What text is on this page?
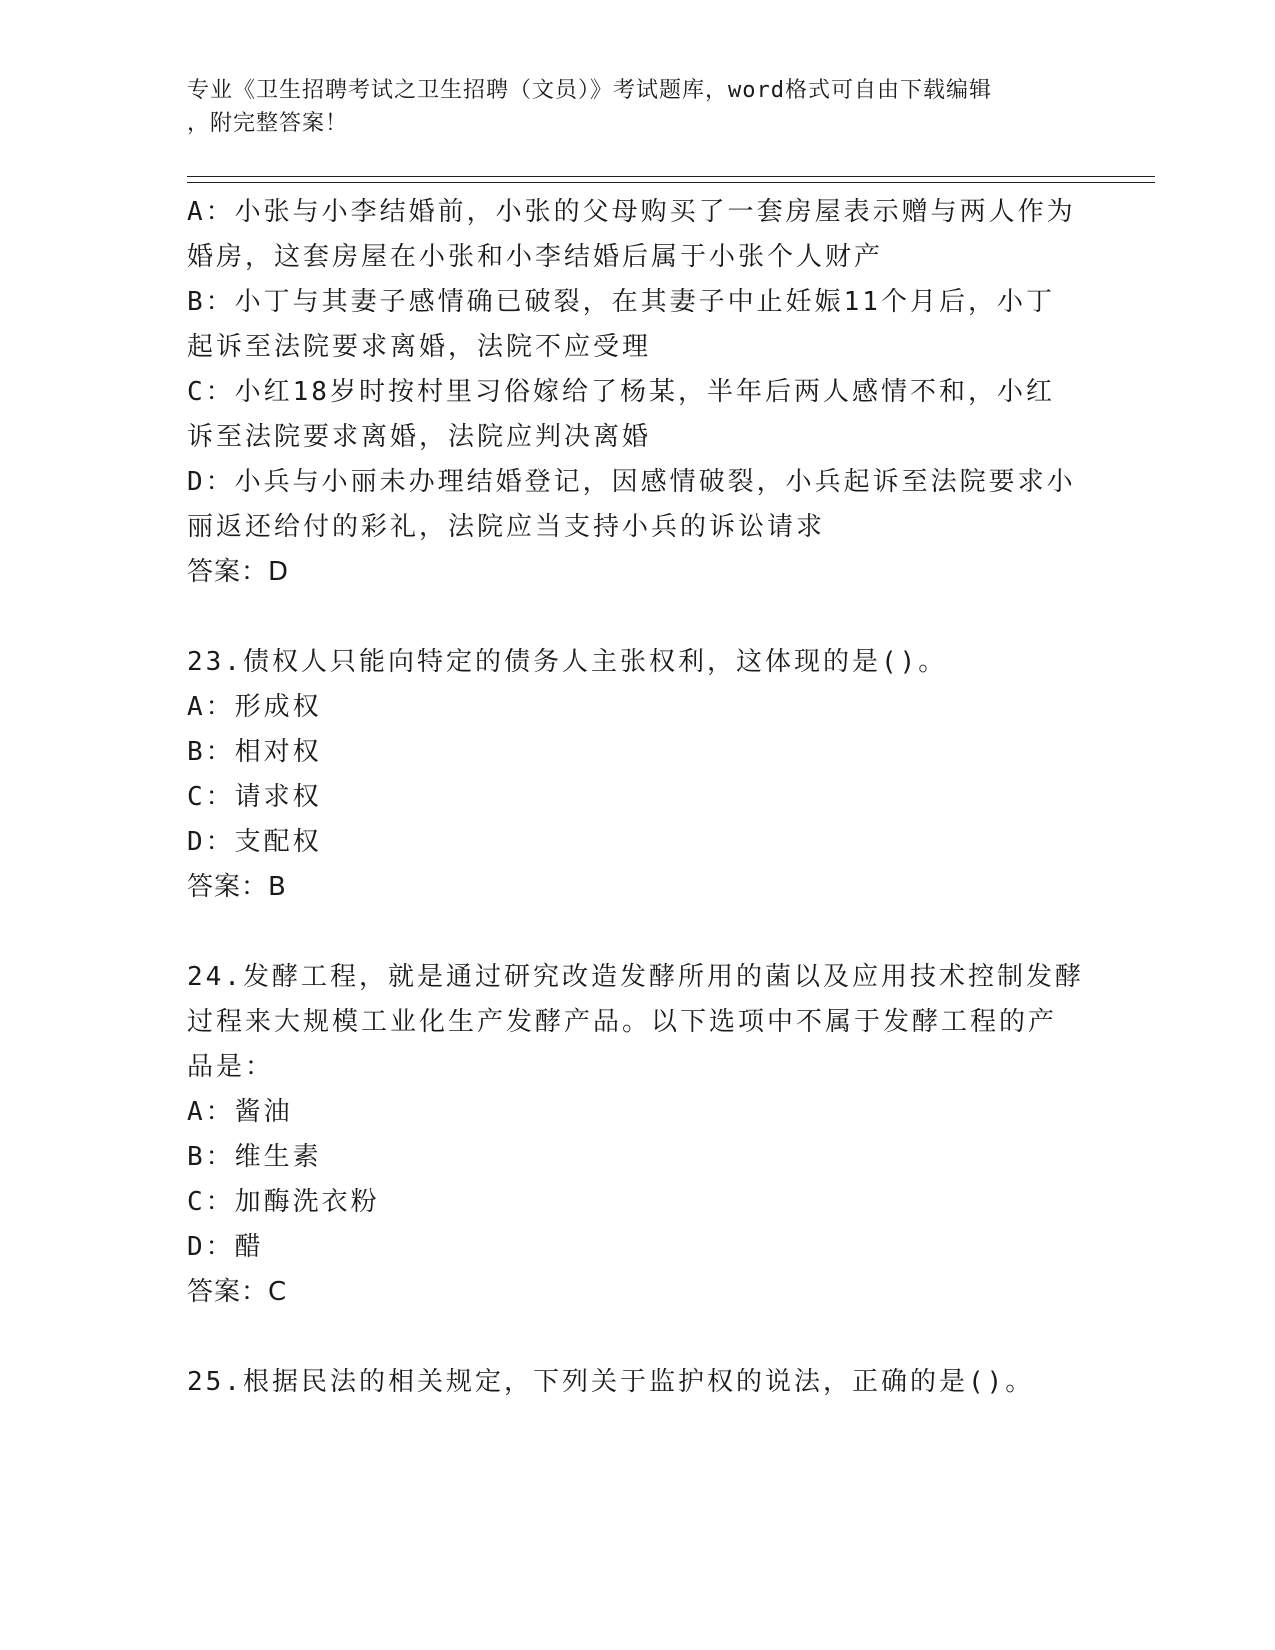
专业《卫生招聘考试之卫生招聘（文员）》考试题库，word格式可自由下载编辑
，附完整答案！

A：小张与小李结婚前，小张的父母购买了一套房屋表示赠与两人作为

婚房，这套房屋在小张和小李结婚后属于小张个人财产

B：小丁与其妻子感情确已破裂，在其妻子中止妊娠11个月后，小丁

起诉至法院要求离婚，法院不应受理

C：小红18岁时按村里习俗嫁给了杨某，半年后两人感情不和，小红

诉至法院要求离婚，法院应判决离婚

D：小兵与小丽未办理结婚登记，因感情破裂，小兵起诉至法院要求小

丽返还给付的彩礼，法院应当支持小兵的诉讼请求

答案：D

23.债权人只能向特定的债务人主张权利，这体现的是()。

A：形成权

B：相对权

C：请求权

D：支配权

答案：B

24.发酵工程，就是通过研究改造发酵所用的菌以及应用技术控制发酵

过程来大规模工业化生产发酵产品。以下选项中不属于发酵工程的产

品是：

A：酱油

B：维生素

C：加酶洗衣粉

D：醋

答案：C

25.根据民法的相关规定，下列关于监护权的说法，正确的是()。
